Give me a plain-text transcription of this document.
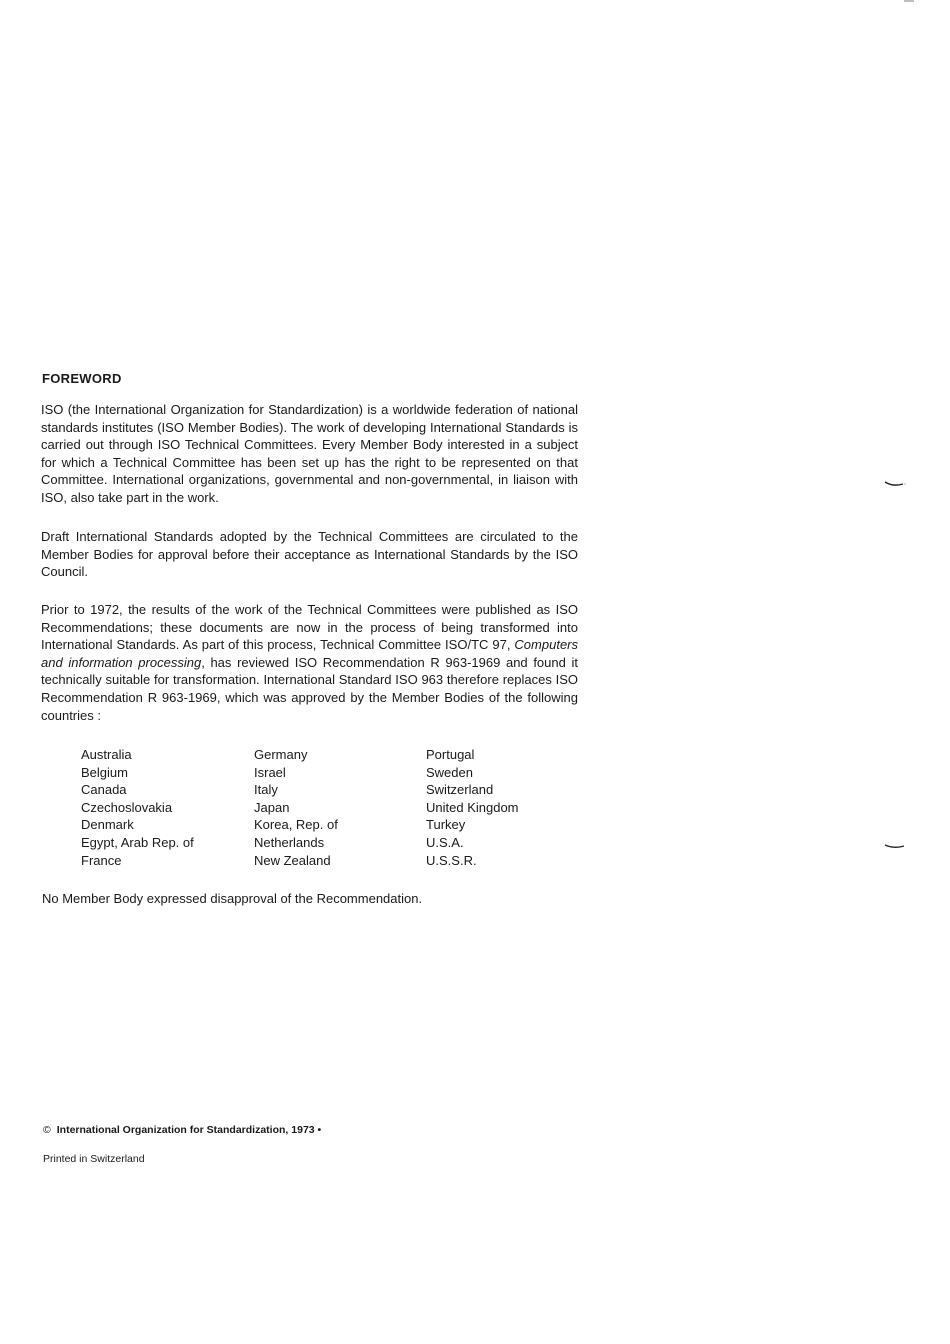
FOREWORD

ISO (the International Organization for Standardization) is a worldwide federation of national standards institutes (ISO Member Bodies). The work of developing International Standards is carried out through ISO Technical Committees. Every Member Body interested in a subject for which a Technical Committee has been set up has the right to be represented on that Committee. International organizations, governmental and non-governmental, in liaison with ISO, also take part in the work.

Draft International Standards adopted by the Technical Committees are circulated to the Member Bodies for approval before their acceptance as International Standards by the ISO Council.

Prior to 1972, the results of the work of the Technical Committees were published as ISO Recommendations; these documents are now in the process of being transformed into International Standards. As part of this process, Technical Committee ISO/TC 97, Computers and information processing, has reviewed ISO Recommendation R 963-1969 and found it technically suitable for transformation. International Standard ISO 963 therefore replaces ISO Recommendation R 963-1969, which was approved by the Member Bodies of the following countries :

Australia
Belgium
Canada
Czechoslovakia
Denmark
Egypt, Arab Rep. of
France
Germany
Israel
Italy
Japan
Korea, Rep. of
Netherlands
New Zealand
Portugal
Sweden
Switzerland
United Kingdom
Turkey
U.S.A.
U.S.S.R.

No Member Body expressed disapproval of the Recommendation.

© International Organization for Standardization, 1973 •
Printed in Switzerland
